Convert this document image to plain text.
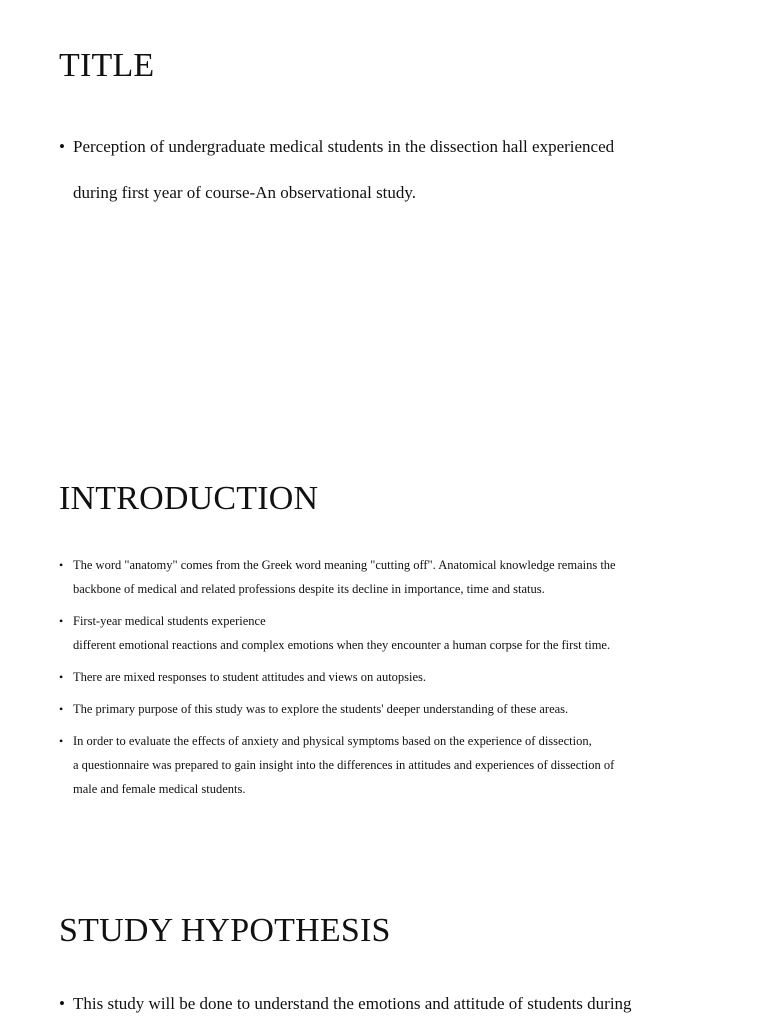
TITLE
• Perception of undergraduate medical students in the dissection hall experienced
during first year of course-An observational study.
INTRODUCTION
• The word "anatomy" comes from the Greek word meaning "cutting off". Anatomical knowledge remains the
backbone of medical and related professions despite its decline in importance, time and status.
• First-year medical students experience
different emotional reactions and complex emotions when they encounter a human corpse for the first time.
• There are mixed responses to student attitudes and views on autopsies.
• The primary purpose of this study was to explore the students' deeper understanding of these areas.
• In order to evaluate the effects of anxiety and physical symptoms based on the experience of dissection,
a questionnaire was prepared to gain insight into the differences in attitudes and experiences of dissection of
male and female medical students.
STUDY HYPOTHESIS
• This study will be done to understand the emotions and attitude of students during
